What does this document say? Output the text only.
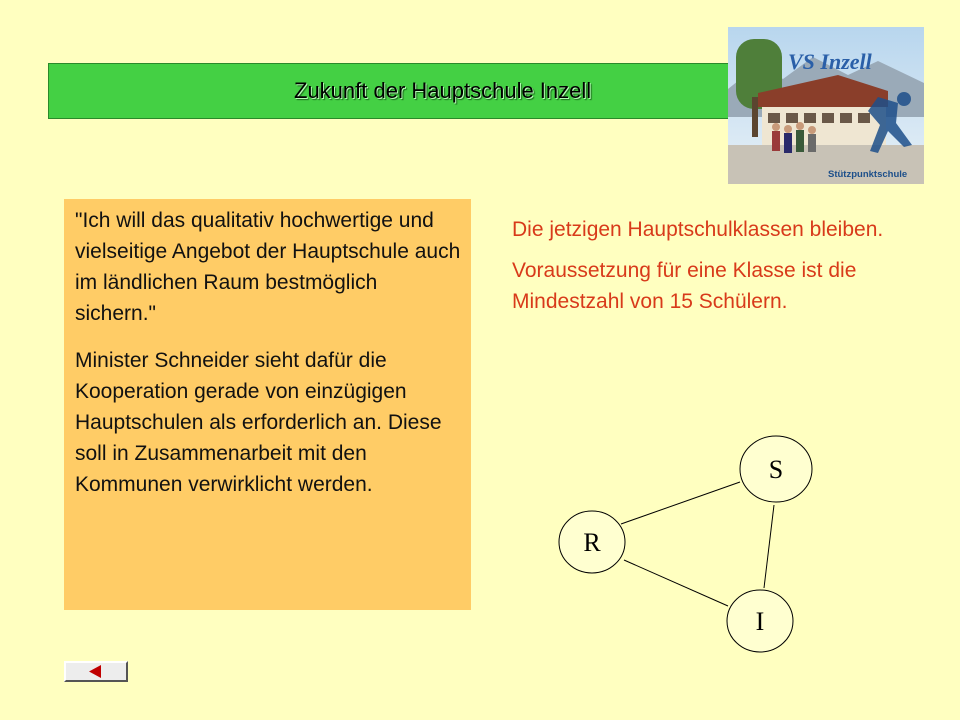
Zukunft der Hauptschule Inzell
VS Inzell
Stützpunktschule

"Ich will das qualitativ hochwertige und vielseitige Angebot der Hauptschule auch im ländlichen Raum bestmöglich sichern."

Minister Schneider sieht dafür die Kooperation gerade von einzügigen Hauptschulen als erforderlich an. Diese soll in Zusammenarbeit mit den Kommunen verwirklicht werden.

Die jetzigen Hauptschulklassen bleiben.

Voraussetzung für eine Klasse ist die Mindestzahl von 15 Schülern.

S
R
I
